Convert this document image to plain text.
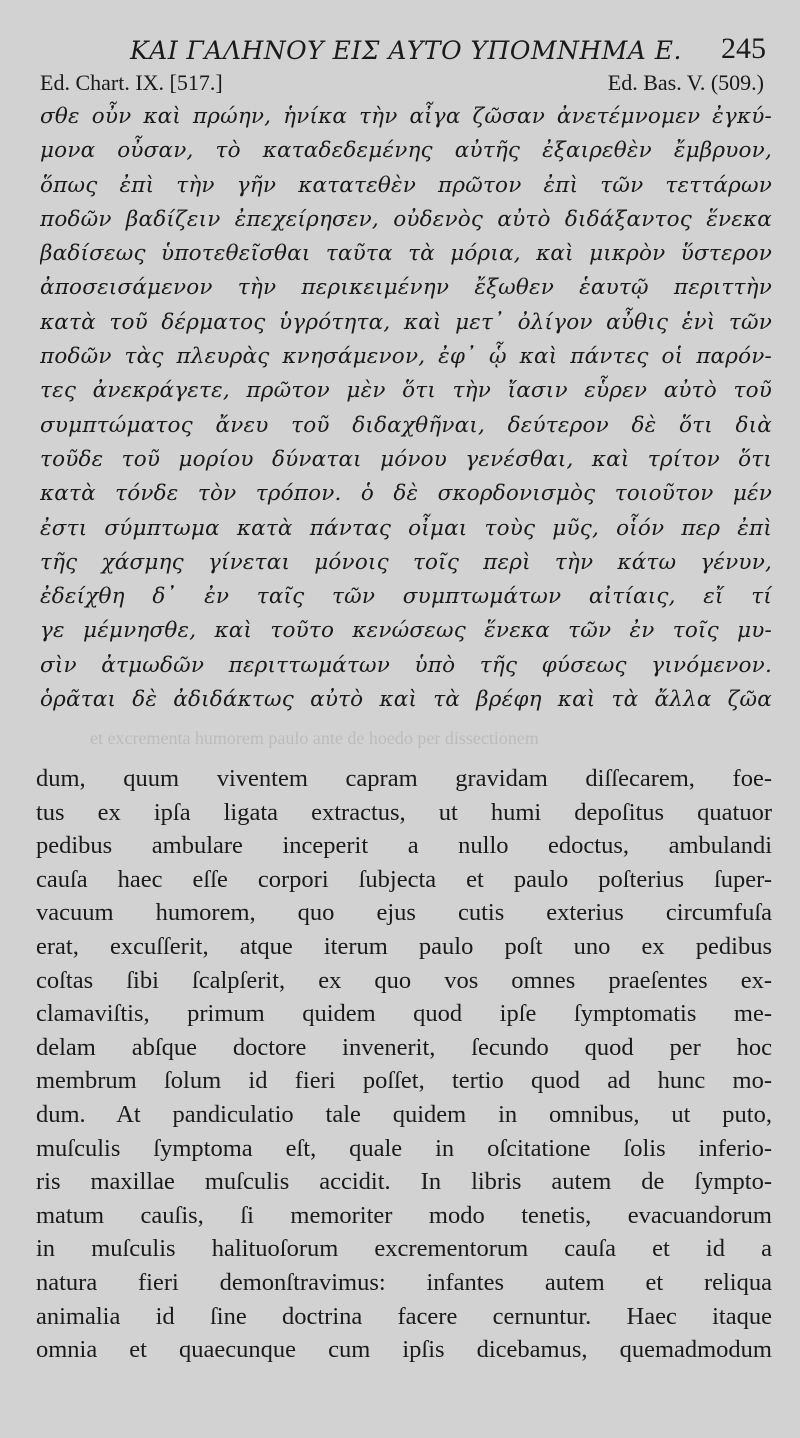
ΚΑΙ ΓΑΛΗΝΟΥ ΕΙΣ ΑΥΤΟ ΥΠΟΜΝΗΜΑ Ε. 245
Ed. Chart. IX. [517.]	Ed. Bas. V. (509.)
σθε οὖν καὶ πρώην, ἡνίκα τὴν αἶγα ζῶσαν ἀνετέμνομεν ἐγκύ-
μονα οὖσαν, τὸ καταδεδεμένης αὐτῆς ἐξαιρεθὲν ἔμβρυον,
ὅπως ἐπὶ τὴν γῆν κατατεθὲν πρῶτον ἐπὶ τῶν τεττάρων
ποδῶν βαδίζειν ἐπεχείρησεν, οὐδενὸς αὐτὸ διδάξαντος ἕνεκα
βαδίσεως ὑποτεθεῖσθαι ταῦτα τὰ μόρια, καὶ μικρὸν ὕστερον
ἀποσεισάμενον τὴν περικειμένην ἔξωθεν ἑαυτῷ περιττὴν
κατὰ τοῦ δέρματος ὑγρότητα, καὶ μετ᾽ ὀλίγον αὖθις ἑνὶ τῶν
ποδῶν τὰς πλευρὰς κνησάμενον, ἐφ᾽ ᾧ καὶ πάντες οἱ παρόν-
τες ἀνεκράγετε, πρῶτον μὲν ὅτι τὴν ἴασιν εὗρεν αὐτὸ τοῦ
συμπτώματος ἄνευ τοῦ διδαχθῆναι, δεύτερον δὲ ὅτι διὰ
τοῦδε τοῦ μορίου δύναται μόνου γενέσθαι, καὶ τρίτον ὅτι
κατὰ τόνδε τὸν τρόπον. ὁ δὲ σκορδονισμὸς τοιοῦτον μέν
ἐστι σύμπτωμα κατὰ πάντας οἶμαι τοὺς μῦς, οἷόν περ ἐπὶ
τῆς χάσμης γίνεται μόνοις τοῖς περὶ τὴν κάτω γένυν,
ἐδείχθη δ᾽ ἐν ταῖς τῶν συμπτωμάτων αἰτίαις, εἴ τί
γε μέμνησθε, καὶ τοῦτο κενώσεως ἕνεκα τῶν ἐν τοῖς μυ-
σὶν ἀτμωδῶν περιττωμάτων ὑπὸ τῆς φύσεως γινόμενον.
ὁρᾶται δὲ ἀδιδάκτως αὐτὸ καὶ τὰ βρέφη καὶ τὰ ἄλλα ζῶα
et excrementa humorem paulo ante de hoedo per dissectionem
dum, quum viventem capram gravidam diſſecarem, foe-
tus ex ipſa ligata extractus, ut humi depoſitus quatuor
pedibus ambulare inceperit a nullo edoctus, ambulandi
cauſa haec eſſe corpori ſubjecta et paulo poſterius ſuper-
vacuum humorem, quo ejus cutis exterius circumfuſa
erat, excuſſerit, atque iterum paulo poſt uno ex pedibus
coſtas ſibi ſcalpſerit, ex quo vos omnes praeſentes ex-
clamaviſtis, primum quidem quod ipſe ſymptomatis me-
delam abſque doctore invenerit, ſecundo quod per hoc
membrum ſolum id fieri poſſet, tertio quod ad hunc mo-
dum. At pandiculatio tale quidem in omnibus, ut puto,
muſculis ſymptoma eſt, quale in oſcitatione ſolis inferio-
ris maxillae muſculis accidit. In libris autem de ſympto-
matum cauſis, ſi memoriter modo tenetis, evacuandorum
in muſculis halituoſorum excrementorum cauſa et id a
natura fieri demonſtravimus: infantes autem et reliqua
animalia id ſine doctrina facere cernuntur. Haec itaque
omnia et quaecunque cum ipſis dicebamus, quemadmodum
